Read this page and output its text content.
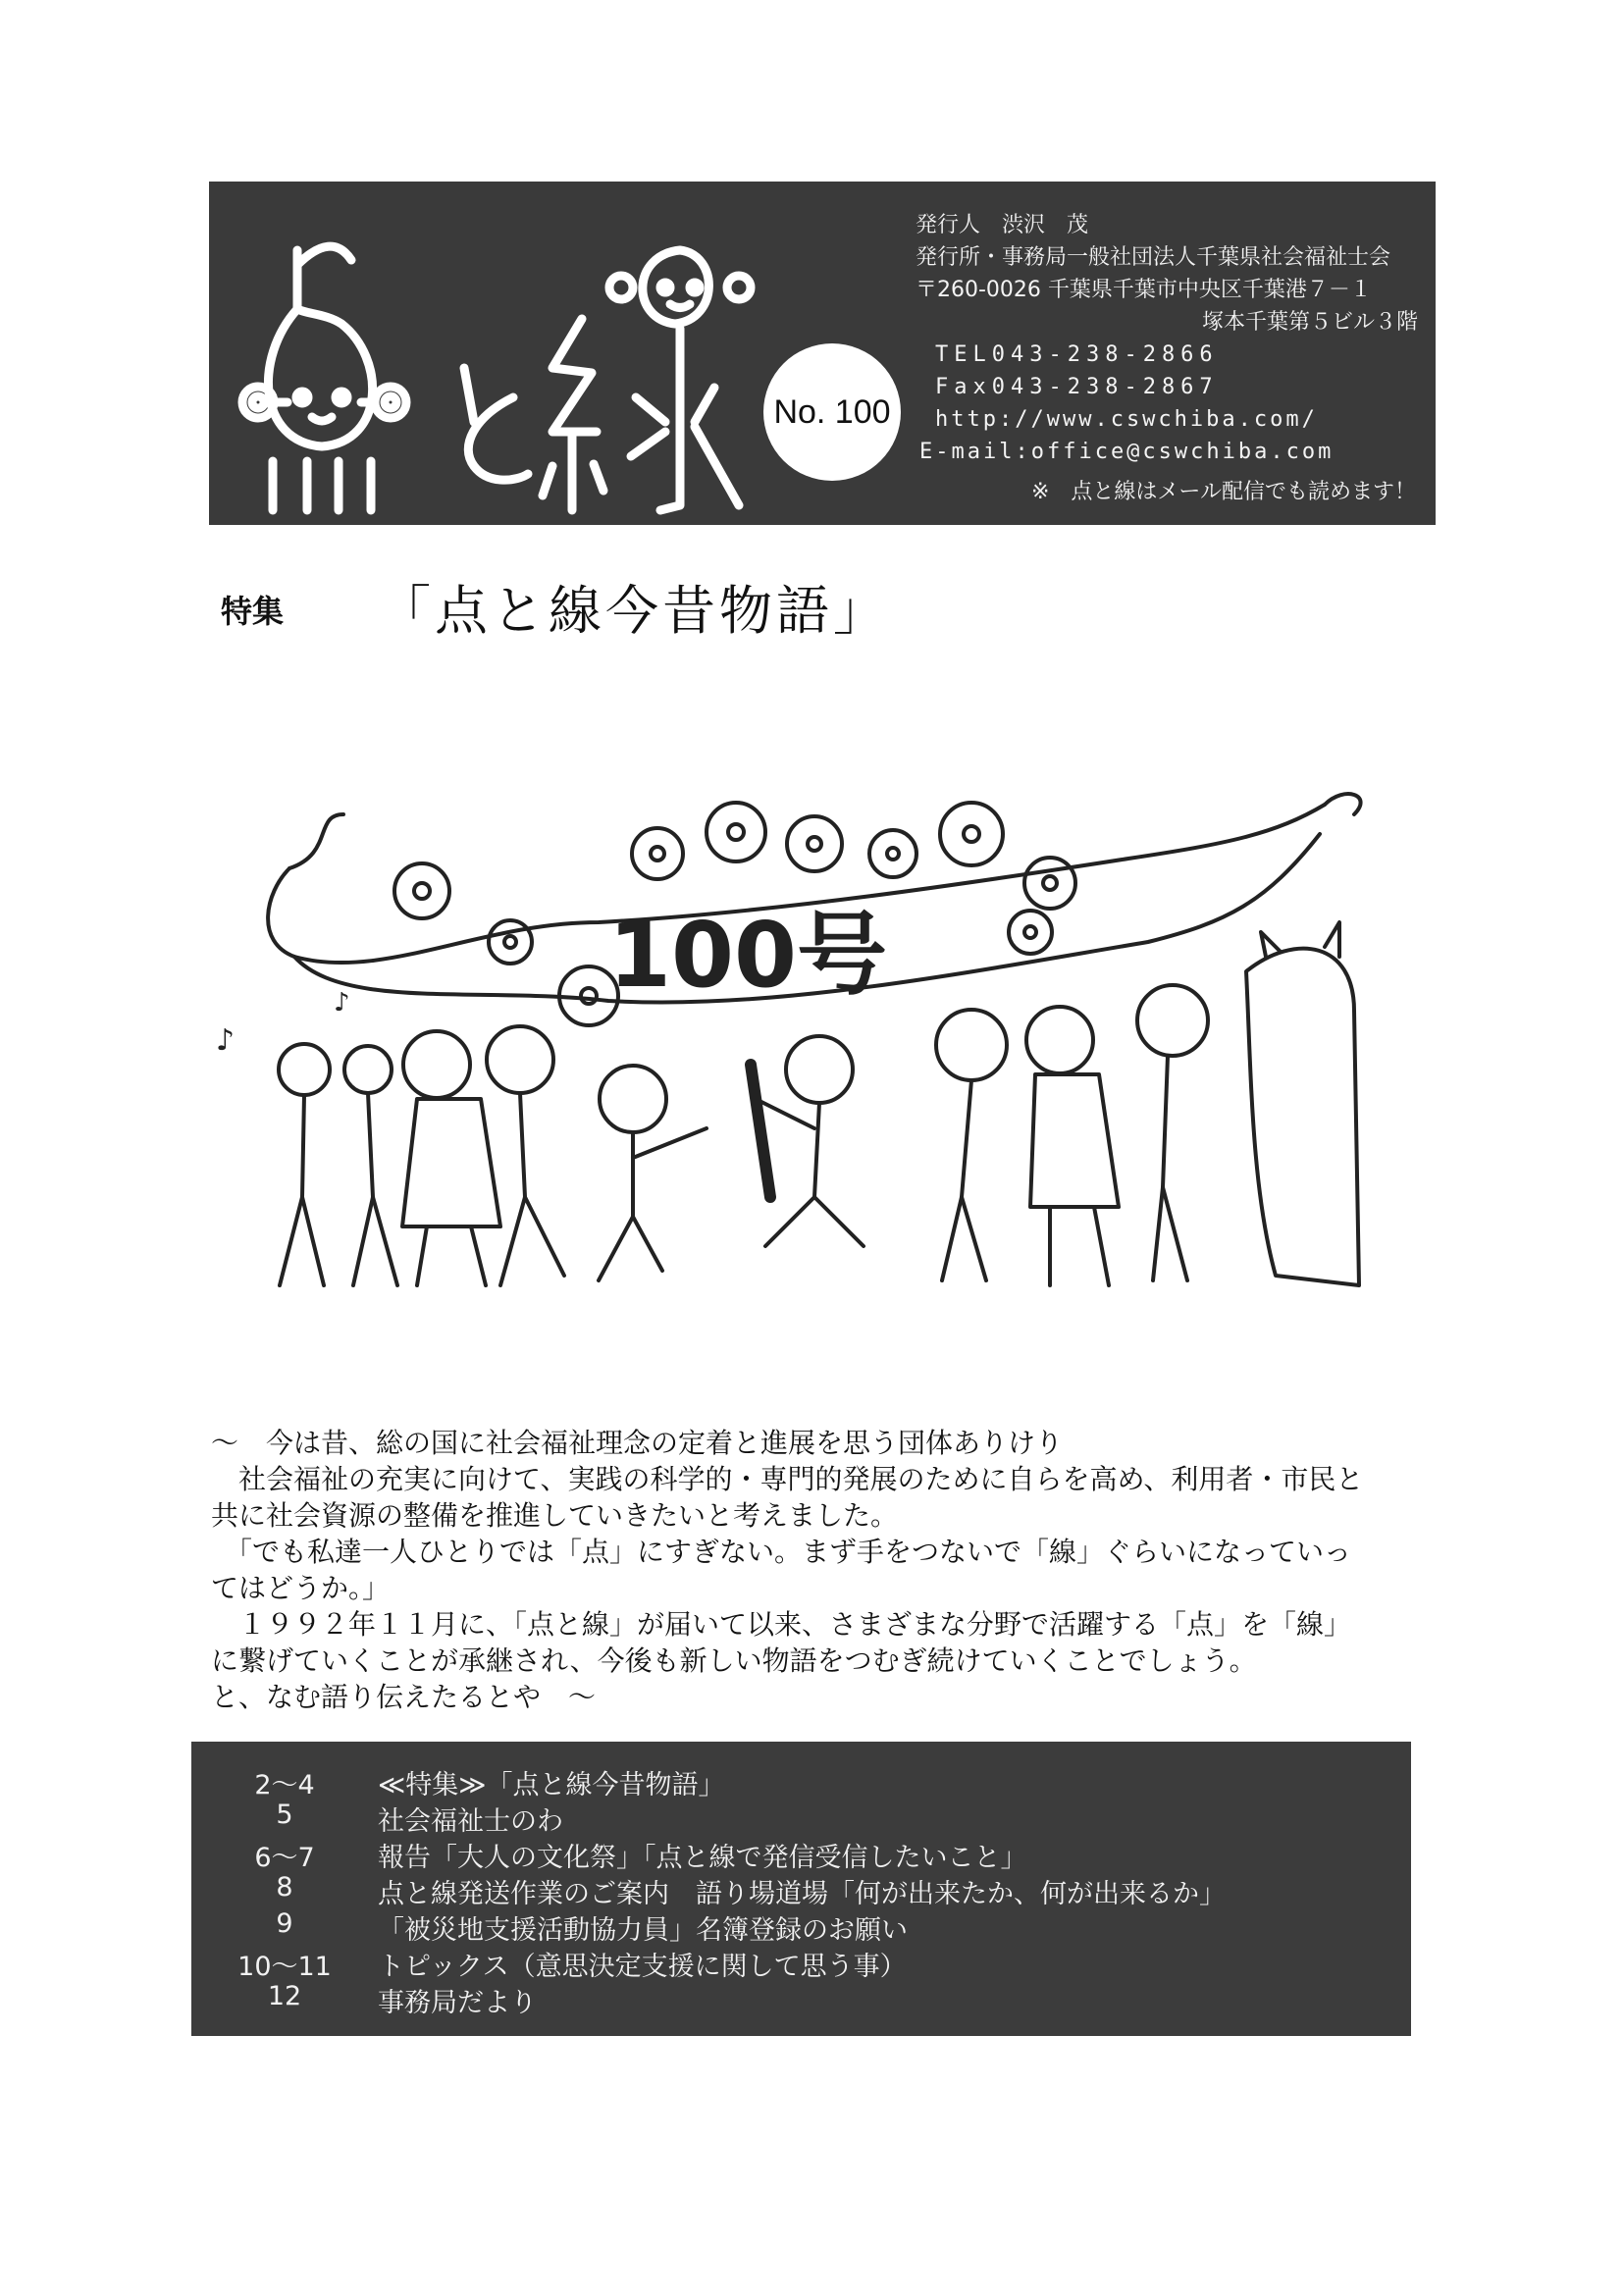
No. 100
発行人　渋沢　茂
発行所・事務局一般社団法人千葉県社会福祉士会
〒260-0026 千葉県千葉市中央区千葉港７－１
塚本千葉第５ビル３階
TEL043-238-2866
Fax043-238-2867
http://www.cswchiba.com/
E-mail:office@cswchiba.com
※　点と線はメール配信でも読めます！
特集 「点と線今昔物語」
♪
♪	100号

～　今は昔、総の国に社会福祉理念の定着と進展を思う団体ありけり

　社会福祉の充実に向けて、実践の科学的・専門的発展のために自らを高め、利用者・市民と

共に社会資源の整備を推進していきたいと考えました。

　「でも私達一人ひとりでは「点」にすぎない。まず手をつないで「線」ぐらいになっていっ

てはどうか。」

　１９９２年１１月に、「点と線」が届いて以来、さまざまな分野で活躍する「点」を「線」

に繋げていくことが承継され、今後も新しい物語をつむぎ続けていくことでしょう。

と、なむ語り伝えたるとや　～

2～4	≪特集≫「点と線今昔物語」
5	社会福祉士のわ
6～7	報告「大人の文化祭」「点と線で発信受信したいこと」
8	点と線発送作業のご案内　語り場道場「何が出来たか、何が出来るか」
9	「被災地支援活動協力員」名簿登録のお願い
10～11	トピックス（意思決定支援に関して思う事）
12	事務局だより
